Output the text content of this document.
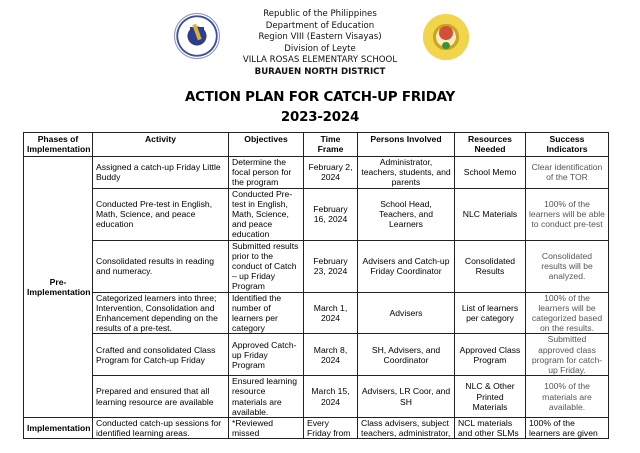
Republic of the Philippines
Department of Education
Region VIII (Eastern Visayas)
Division of Leyte
VILLA ROSAS ELEMENTARY SCHOOL
BURAUEN NORTH DISTRICT
ACTION PLAN FOR CATCH-UP FRIDAY
2023-2024
Phases of Implementation	Activity	Objectives	Time Frame	Persons Involved	Resources Needed	Success Indicators
Pre-Implementation	Assigned a catch-up Friday Little Buddy	Determine the focal person for the program	February 2, 2024	Administrator, teachers, students, and parents	School Memo	Clear identification of the TOR
	Conducted Pre-test in English, Math, Science, and peace education	Conducted Pre-test in English, Math, Science, and peace education	February 16, 2024	School Head, Teachers, and Learners	NLC Materials	100% of the learners will be able to conduct pre-test
	Consolidated results in reading and numeracy.	Submitted results prior to the conduct of Catch – up Friday Program	February 23, 2024	Advisers and Catch-up Friday Coordinator	Consolidated Results	Consolidated results will be analyzed.
	Categorized learners into three; Intervention, Consolidation and Enhancement depending on the results of a pre-test.	Identified the number of learners per category	March 1, 2024	Advisers	List of learners per category	100% of the learners will be categorized based on the results.
	Crafted and consolidated Class Program for Catch-up Friday	Approved Catch-up Friday Program	March 8, 2024	SH, Advisers, and Coordinator	Approved Class Program	Submitted approved class program for catch-up Friday.
	Prepared and ensured that all learning resource are available	Ensured learning resource materials are available.	March 15, 2024	Advisers, LR Coor, and SH	NLC & Other Printed Materials	100% of the materials are available.
Implementation	Conducted catch-up sessions for identified learning areas.	*Reviewed missed	Every Friday from	Class advisers, subject teachers, administrator,	NCL materials and other SLMs	100% of the learners are given
